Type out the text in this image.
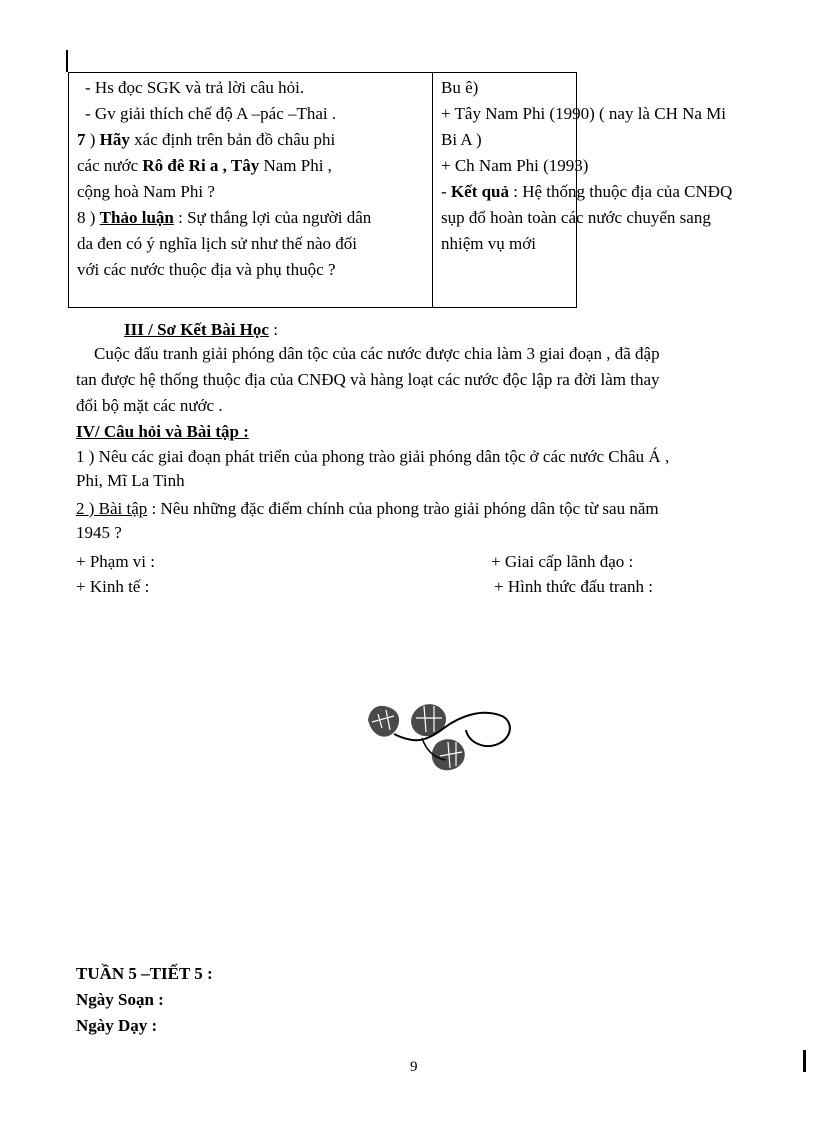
- Hs đọc SGK và trả lời câu hỏi.
- Gv giải thích chế độ A –pác –Thai .
7 ) Hãy xác định trên bản đồ châu phi
các nước Rô đê Ri a , Tây Nam Phi ,
cộng hoà Nam Phi ?
8 ) Thảo luận : Sự thắng lợi của người dân
da đen có ý nghĩa lịch sử như thế nào đối
với các nước thuộc địa và phụ thuộc ?

Bu ê)
+ Tây Nam Phi (1990) ( nay là CH Na Mi
Bi A )
+ Ch Nam Phi (1993)
- Kết quả : Hệ thống thuộc địa của CNĐQ
sụp đổ hoàn toàn các nước chuyển sang
nhiệm vụ mới
III / Sơ Kết Bài Học :
Cuộc đấu tranh giải phóng dân tộc của các nước được chia làm 3 giai đoạn , đã đập
tan được hệ thống thuộc địa của CNĐQ và hàng loạt các nước độc lập ra đời làm thay
đổi bộ mặt các nước .
IV/ Câu hỏi và Bài tập :
1 ) Nêu các giai đoạn phát triển của phong trào giải phóng dân tộc ở các nước Châu Á ,
Phi, Mĩ La Tinh
2 ) Bài tập : Nêu những đặc điểm chính của phong trào giải phóng dân tộc từ sau năm
1945 ?
+ Phạm vi :	+ Giai cấp lãnh đạo :
+ Kinh tế :	+ Hình thức đấu tranh :
TUẦN 5 –TIẾT 5 :
Ngày Soạn :
Ngày Dạy :
9
